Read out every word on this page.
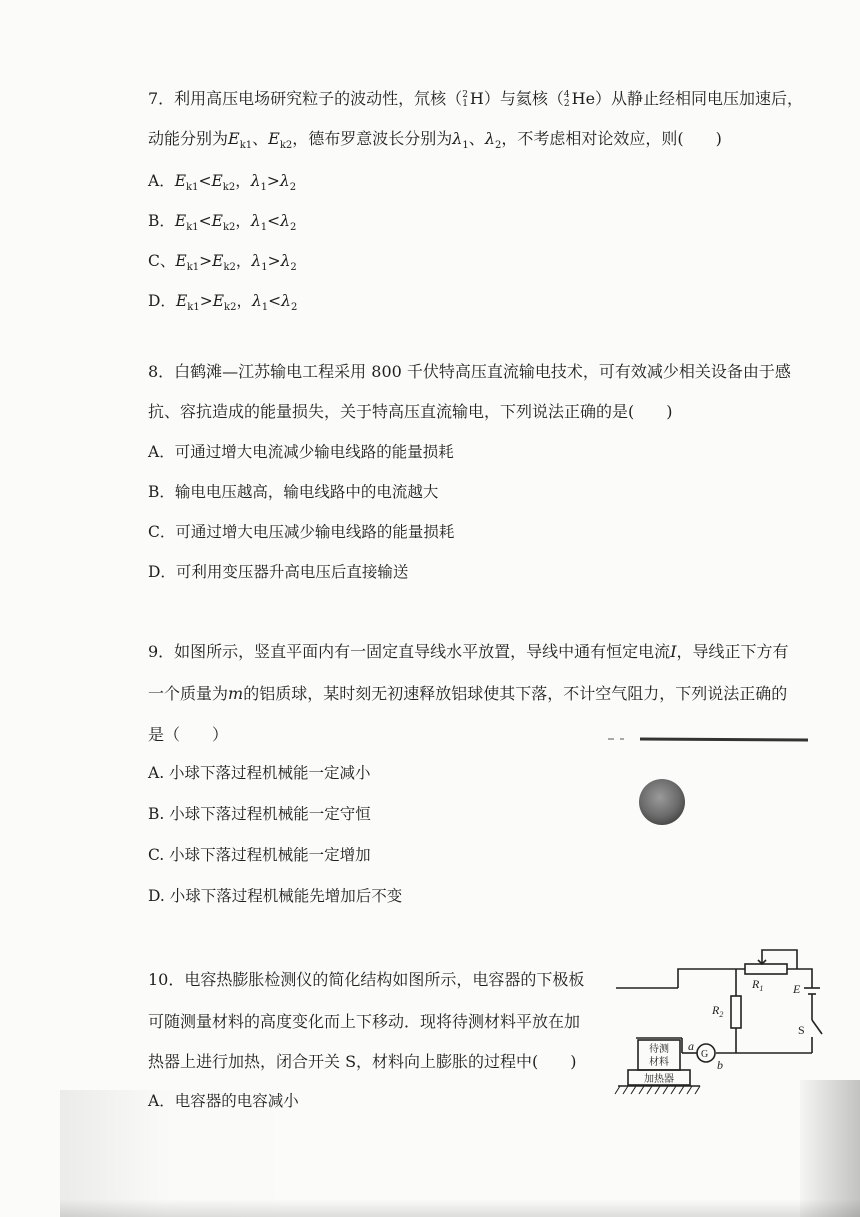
7．利用高压电场研究粒子的波动性，氘核（ 2
1 H）与氦核（ 4
2 He）从静止经相同电压加速后，
动能分别为$E_{k1}$、$E_{k2}$，德布罗意波长分别为$\lambda_1$、$\lambda_2$，不考虑相对论效应，则(　　)
A．$E_{k1}<E_{k2}$，$\lambda_1>\lambda_2$
B．$E_{k1}<E_{k2}$，$\lambda_1<\lambda_2$
C、$E_{k1}>E_{k2}$，$\lambda_1>\lambda_2$
D．$E_{k1}>E_{k2}$，$\lambda_1<\lambda_2$
8．白鹤滩—江苏输电工程采用 800 千伏特高压直流输电技术，可有效减少相关设备由于感
抗、容抗造成的能量损失，关于特高压直流输电，下列说法正确的是(　　)
A．可通过增大电流减少输电线路的能量损耗
B．输电电压越高，输电线路中的电流越大
C．可通过增大电压减少输电线路的能量损耗
D．可利用变压器升高电压后直接输送
9．如图所示，竖直平面内有一固定直导线水平放置，导线中通有恒定电流I，导线正下方有
一个质量为m的铝质球，某时刻无初速释放铝球使其下落，不计空气阻力，下列说法正确的
是（　　）
A. 小球下落过程机械能一定减小
B. 小球下落过程机械能一定守恒
C. 小球下落过程机械能一定增加
D. 小球下落过程机械能先增加后不变
10．电容热膨胀检测仪的简化结构如图所示，电容器的下极板
可随测量材料的高度变化而上下移动．现将待测材料平放在加
热器上进行加热，闭合开关 S，材料向上膨胀的过程中(　　)
A．电容器的电容减小
$R_1$
$R_2$
E
S
a
b
G
待测
材料
加热器
